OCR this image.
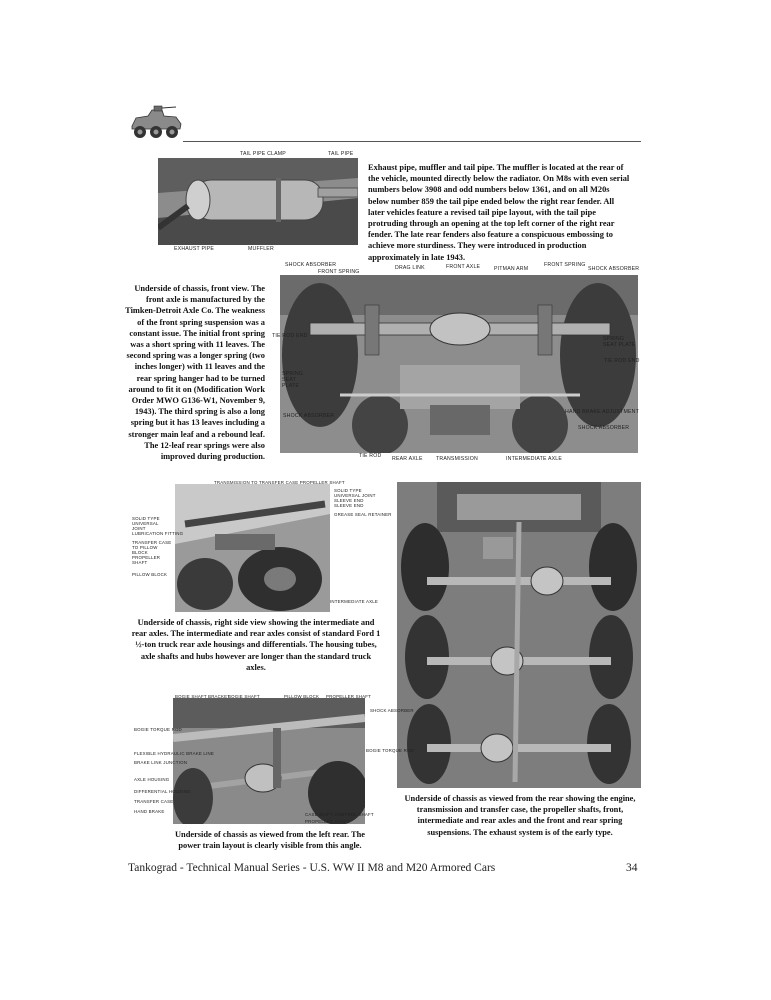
TAIL PIPE CLAMP	TAIL PIPE
EXHAUST PIPE	MUFFLER
Exhaust pipe, muffler and tail pipe. The muffler is located at the rear of the vehicle, mounted directly below the radiator. On M8s with even serial numbers below 3908 and odd numbers below 1361, and on all M20s below number 859 the tail pipe ended below the right rear fender. All later vehicles feature a revised tail pipe layout, with the tail pipe protruding through an opening at the top left corner of the right rear fender. The late rear fenders also feature a conspicuous embossing to achieve more sturdiness. They were introduced in production approximately in late 1943.
SHOCK ABSORBER
FRONT SPRING
DRAG LINK	FRONT AXLE	PITMAN ARM
FRONT SPRING
SHOCK ABSORBER
TIE ROD END	SPRING SEAT PLATE
TIE ROD END
SPRING SEAT PLATE
HAND BRAKE ADJUSTMENT
SHOCK ABSORBER
SHOCK ABSORBER
TIE ROD REAR AXLE	TRANSMISSION	INTERMEDIATE AXLE
Underside of chassis, front view. The front axle is manufactured by the Timken-Detroit Axle Co. The weakness of the front spring suspension was a constant issue. The initial front spring was a short spring with 11 leaves. The second spring was a longer spring (two inches longer) with 11 leaves and the rear spring hanger had to be turned around to fit it on (Modification Work Order MWO G136-W1, November 9, 1943). The third spring is also a long spring but it has 13 leaves including a stronger main leaf and a rebound leaf. The 12-leaf rear springs were also improved during production.
TRANSMISSION TO TRANSFER CASE PROPELLER SHAFT
SOLID TYPE UNIVERSAL JOINT SLEEVE END
SLEEVE END
GREASE SEAL RETAINER
SOLID TYPE UNIVERSAL JOINT
LUBRICATION FITTING
TRANSFER CASE TO PILLOW BLOCK PROPELLER SHAFT
PILLOW BLOCK
INTERMEDIATE AXLE
Underside of chassis, right side view showing the intermediate and rear axles. The intermediate and rear axles consist of standard Ford 1 ½-ton truck rear axle housings and differentials. The housing tubes, axle shafts and hubs however are longer than the standard truck axles.
Underside of chassis as viewed from the rear showing the engine, transmission and transfer case, the propeller shafts, front, intermediate and rear axles and the front and rear spring suspensions. The exhaust system is of the early type.
BOGIE SHAFT BRACKET
BOGIE SHAFT	PILLOW BLOCK PROPELLER SHAFT
SHOCK ABSORBER
BOGIE TORQUE ROD
BOGIE TORQUE ROD
FLEXIBLE HYDRAULIC BRAKE LINE
BRAKE LINK JUNCTION
AXLE HOUSING
DIFFERENTIAL HOUSING
TRANSFER CASE
HAND BRAKE
CASE SHIFT CONTROL SHAFT
PROPELLER SHAFT
Underside of chassis as viewed from the left rear. The power train layout is clearly visible from this angle.
Tankograd - Technical Manual Series - U.S. WW II M8 and M20 Armored Cars	34
